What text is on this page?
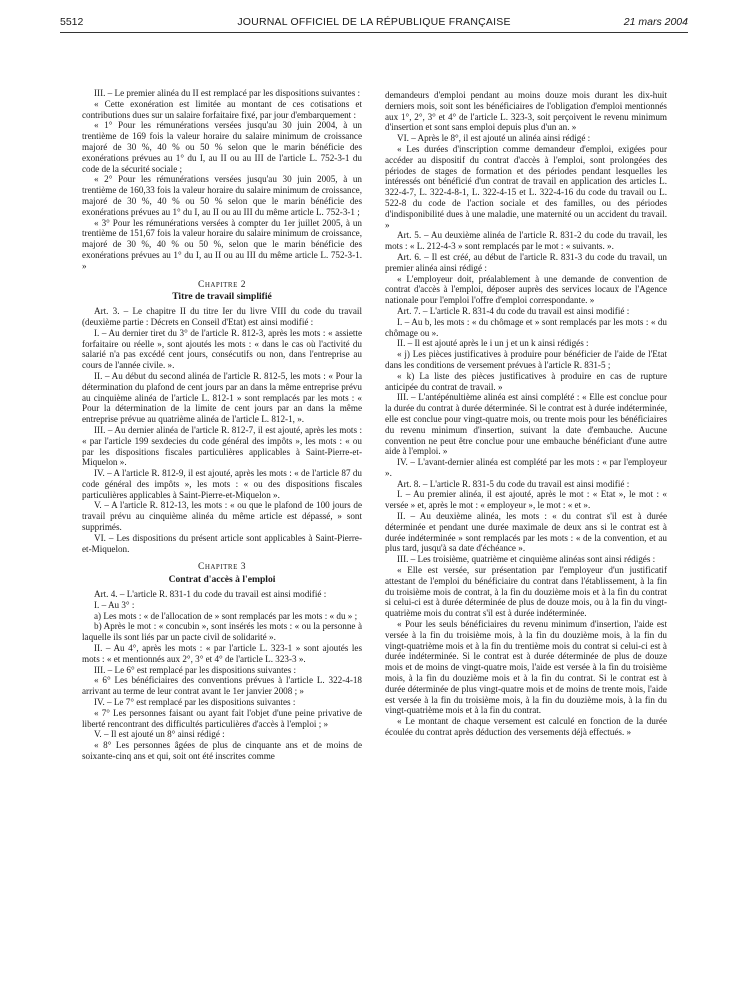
5512	JOURNAL OFFICIEL DE LA RÉPUBLIQUE FRANÇAISE	21 mars 2004

III. – Le premier alinéa du II est remplacé par les dispositions suivantes :

« Cette exonération est limitée au montant de ces cotisations et contributions dues sur un salaire forfaitaire fixé, par jour d'embarquement :

« 1° Pour les rémunérations versées jusqu'au 30 juin 2004, à un trentième de 169 fois la valeur horaire du salaire minimum de croissance majoré de 30 %, 40 % ou 50 % selon que le marin bénéficie des exonérations prévues au 1° du I, au II ou au III de l'article L. 752-3-1 du code de la sécurité sociale ;

« 2° Pour les rémunérations versées jusqu'au 30 juin 2005, à un trentième de 160,33 fois la valeur horaire du salaire minimum de croissance, majoré de 30 %, 40 % ou 50 % selon que le marin bénéficie des exonérations prévues au 1° du I, au II ou au III du même article L. 752-3-1 ;

« 3° Pour les rémunérations versées à compter du 1er juillet 2005, à un trentième de 151,67 fois la valeur horaire du salaire minimum de croissance, majoré de 30 %, 40 % ou 50 %, selon que le marin bénéficie des exonérations prévues au 1° du I, au II ou au III du même article L. 752-3-1. »

Chapitre 2
Titre de travail simplifié

Art. 3. – Le chapitre II du titre Ier du livre VIII du code du travail (deuxième partie : Décrets en Conseil d'Etat) est ainsi modifié :

I. – Au dernier tiret du 3° de l'article R. 812-3, après les mots : « assiette forfaitaire ou réelle », sont ajoutés les mots : « dans le cas où l'activité du salarié n'a pas excédé cent jours, consécutifs ou non, dans l'entreprise au cours de l'année civile. ».

II. – Au début du second alinéa de l'article R. 812-5, les mots : « Pour la détermination du plafond de cent jours par an dans la même entreprise prévu au cinquième alinéa de l'article L. 812-1 » sont remplacés par les mots : « Pour la détermination de la limite de cent jours par an dans la même entreprise prévue au quatrième alinéa de l'article L. 812-1, ».

III. – Au dernier alinéa de l'article R. 812-7, il est ajouté, après les mots : « par l'article 199 sexdecies du code général des impôts », les mots : « ou par les dispositions fiscales particulières applicables à Saint-Pierre-et-Miquelon ».

IV. – A l'article R. 812-9, il est ajouté, après les mots : « de l'article 87 du code général des impôts », les mots : « ou des dispositions fiscales particulières applicables à Saint-Pierre-et-Miquelon ».

V. – A l'article R. 812-13, les mots : « ou que le plafond de 100 jours de travail prévu au cinquième alinéa du même article est dépassé, » sont supprimés.

VI. – Les dispositions du présent article sont applicables à Saint-Pierre-et-Miquelon.

Chapitre 3
Contrat d'accès à l'emploi

Art. 4. – L'article R. 831-1 du code du travail est ainsi modifié :

I. – Au 3° :

a) Les mots : « de l'allocation de » sont remplacés par les mots : « du » ;

b) Après le mot : « concubin », sont insérés les mots : « ou la personne à laquelle ils sont liés par un pacte civil de solidarité ».

II. – Au 4°, après les mots : « par l'article L. 323-1 » sont ajoutés les mots : « et mentionnés aux 2°, 3° et 4° de l'article L. 323-3 ».

III. – Le 6° est remplacé par les dispositions suivantes :

« 6° Les bénéficiaires des conventions prévues à l'article L. 322-4-18 arrivant au terme de leur contrat avant le 1er janvier 2008 ; »

IV. – Le 7° est remplacé par les dispositions suivantes :

« 7° Les personnes faisant ou ayant fait l'objet d'une peine privative de liberté rencontrant des difficultés particulières d'accès à l'emploi ; »

V. – Il est ajouté un 8° ainsi rédigé :

« 8° Les personnes âgées de plus de cinquante ans et de moins de soixante-cinq ans et qui, soit ont été inscrites comme

demandeurs d'emploi pendant au moins douze mois durant les dix-huit derniers mois, soit sont les bénéficiaires de l'obligation d'emploi mentionnés aux 1°, 2°, 3° et 4° de l'article L. 323-3, soit perçoivent le revenu minimum d'insertion et sont sans emploi depuis plus d'un an. »

VI. – Après le 8°, il est ajouté un alinéa ainsi rédigé :

« Les durées d'inscription comme demandeur d'emploi, exigées pour accéder au dispositif du contrat d'accès à l'emploi, sont prolongées des périodes de stages de formation et des périodes pendant lesquelles les intéressés ont bénéficié d'un contrat de travail en application des articles L. 322-4-7, L. 322-4-8-1, L. 322-4-15 et L. 322-4-16 du code du travail ou L. 522-8 du code de l'action sociale et des familles, ou des périodes d'indisponibilité dues à une maladie, une maternité ou un accident du travail. »

Art. 5. – Au deuxième alinéa de l'article R. 831-2 du code du travail, les mots : « L. 212-4-3 » sont remplacés par le mot : « suivants. ».

Art. 6. – Il est créé, au début de l'article R. 831-3 du code du travail, un premier alinéa ainsi rédigé :

« L'employeur doit, préalablement à une demande de convention de contrat d'accès à l'emploi, déposer auprès des services locaux de l'Agence nationale pour l'emploi l'offre d'emploi correspondante. »

Art. 7. – L'article R. 831-4 du code du travail est ainsi modifié :

I. – Au b, les mots : « du chômage et » sont remplacés par les mots : « du chômage ou ».

II. – Il est ajouté après le i un j et un k ainsi rédigés :

« j) Les pièces justificatives à produire pour bénéficier de l'aide de l'Etat dans les conditions de versement prévues à l'article R. 831-5 ;

« k) La liste des pièces justificatives à produire en cas de rupture anticipée du contrat de travail. »

III. – L'antépénultième alinéa est ainsi complété : « Elle est conclue pour la durée du contrat à durée déterminée. Si le contrat est à durée indéterminée, elle est conclue pour vingt-quatre mois, ou trente mois pour les bénéficiaires du revenu minimum d'insertion, suivant la date d'embauche. Aucune convention ne peut être conclue pour une embauche bénéficiant d'une autre aide à l'emploi. »

IV. – L'avant-dernier alinéa est complété par les mots : « par l'employeur ».

Art. 8. – L'article R. 831-5 du code du travail est ainsi modifié :

I. – Au premier alinéa, il est ajouté, après le mot : « Etat », le mot : « versée » et, après le mot : « employeur », le mot : « et ».

II. – Au deuxième alinéa, les mots : « du contrat s'il est à durée déterminée et pendant une durée maximale de deux ans si le contrat est à durée indéterminée » sont remplacés par les mots : « de la convention, et au plus tard, jusqu'à sa date d'échéance ».

III. – Les troisième, quatrième et cinquième alinéas sont ainsi rédigés :

« Elle est versée, sur présentation par l'employeur d'un justificatif attestant de l'emploi du bénéficiaire du contrat dans l'établissement, à la fin du troisième mois de contrat, à la fin du douzième mois et à la fin du contrat si celui-ci est à durée déterminée de plus de douze mois, ou à la fin du vingt-quatrième mois du contrat s'il est à durée indéterminée.

« Pour les seuls bénéficiaires du revenu minimum d'insertion, l'aide est versée à la fin du troisième mois, à la fin du douzième mois, à la fin du vingt-quatrième mois et à la fin du trentième mois du contrat si celui-ci est à durée indéterminée. Si le contrat est à durée déterminée de plus de douze mois et de moins de vingt-quatre mois, l'aide est versée à la fin du troisième mois, à la fin du douzième mois et à la fin du contrat. Si le contrat est à durée déterminée de plus vingt-quatre mois et de moins de trente mois, l'aide est versée à la fin du troisième mois, à la fin du douzième mois, à la fin du vingt-quatrième mois et à la fin du contrat.

« Le montant de chaque versement est calculé en fonction de la durée écoulée du contrat après déduction des versements déjà effectués. »
